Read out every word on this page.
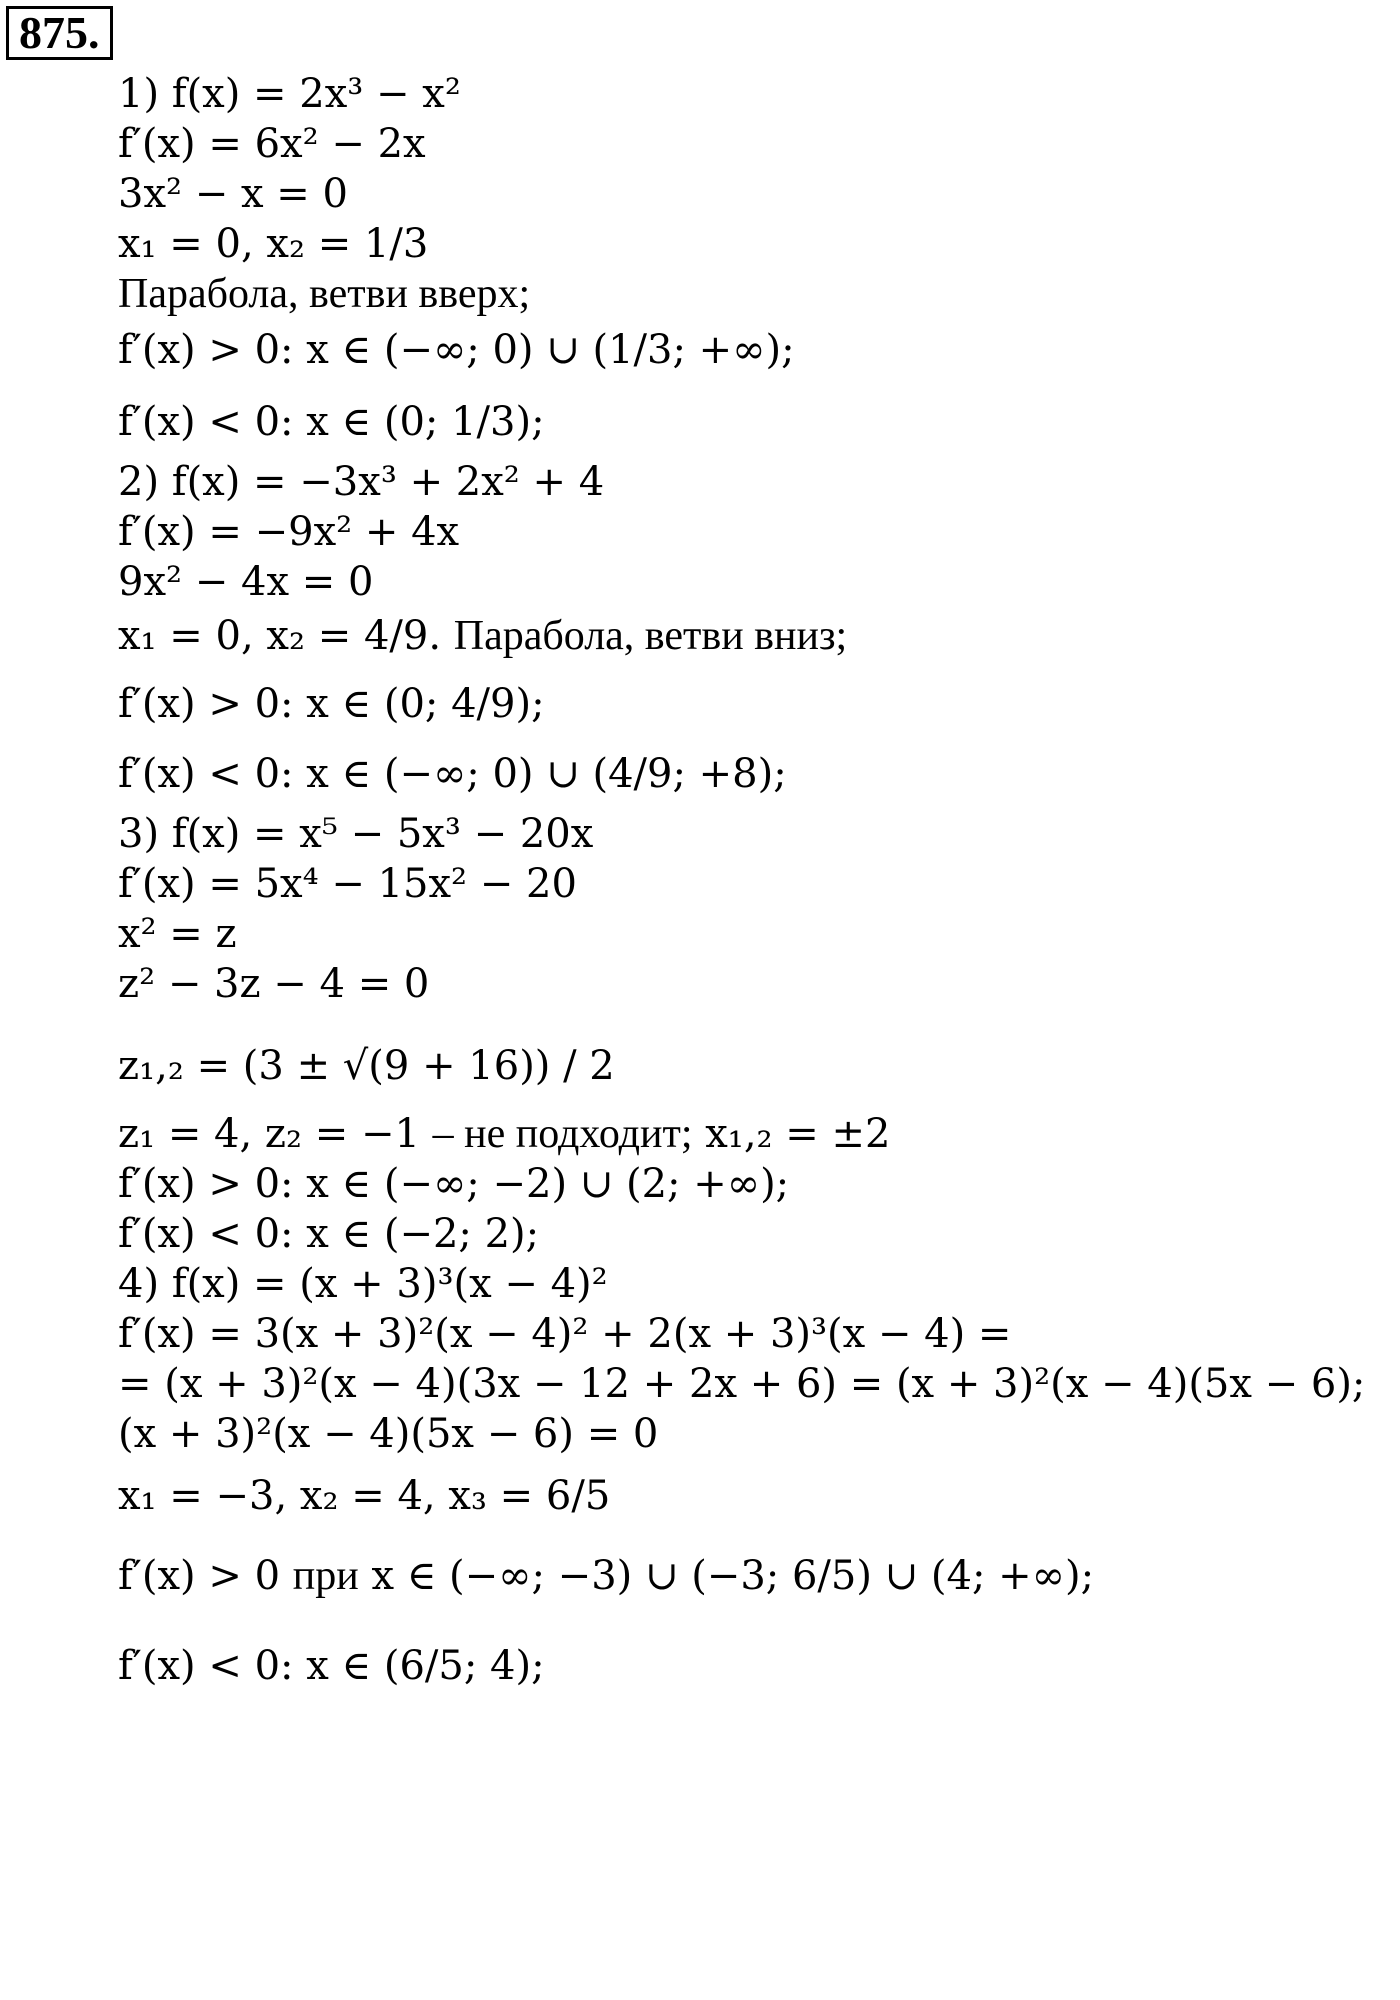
875.
1) f(x) = 2x³ − x²
f′(x) = 6x² − 2x
3x² − x = 0
x₁ = 0, x₂ = 1/3
Парабола, ветви вверх;
f′(x) > 0: x ∈ (−∞; 0) ∪ (1/3; +∞);
f′(x) < 0: x ∈ (0; 1/3);
2) f(x) = −3x³ + 2x² + 4
f′(x) = −9x² + 4x
9x² − 4x = 0
x₁ = 0, x₂ = 4/9. Парабола, ветви вниз;
f′(x) > 0: x ∈ (0; 4/9);
f′(x) < 0: x ∈ (−∞; 0) ∪ (4/9; +8);
3) f(x) = x⁵ − 5x³ − 20x
f′(x) = 5x⁴ − 15x² − 20
x² = z
z² − 3z − 4 = 0
z₁,₂ = (3 ± √(9 + 16)) / 2
z₁ = 4, z₂ = −1 – не подходит; x₁,₂ = ±2
f′(x) > 0: x ∈ (−∞; −2) ∪ (2; +∞);
f′(x) < 0: x ∈ (−2; 2);
4) f(x) = (x + 3)³(x − 4)²
f′(x) = 3(x + 3)²(x − 4)² + 2(x + 3)³(x − 4) =
= (x + 3)²(x − 4)(3x − 12 + 2x + 6) = (x + 3)²(x − 4)(5x − 6);
(x + 3)²(x − 4)(5x − 6) = 0
x₁ = −3, x₂ = 4, x₃ = 6/5
f′(x) > 0 при x ∈ (−∞; −3) ∪ (−3; 6/5) ∪ (4; +∞);
f′(x) < 0: x ∈ (6/5; 4);
